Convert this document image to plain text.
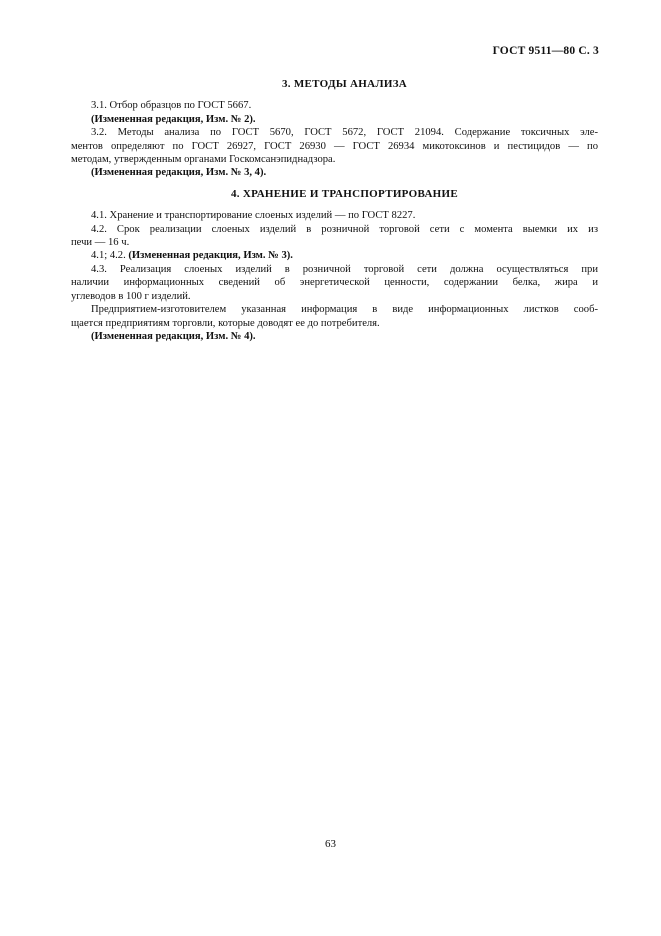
ГОСТ 9511—80 С. 3
3. МЕТОДЫ АНАЛИЗА

3.1. Отбор образцов по ГОСТ 5667.

(Измененная редакция, Изм. № 2).

3.2. Методы анализа по ГОСТ 5670, ГОСТ 5672, ГОСТ 21094. Содержание токсичных эле-
ментов определяют по ГОСТ 26927, ГОСТ 26930 — ГОСТ 26934 микотоксинов и пестицидов — по
методам, утвержденным органами Госкомсанэпиднадзора.

(Измененная редакция, Изм. № 3, 4).

4. ХРАНЕНИЕ И ТРАНСПОРТИРОВАНИЕ

4.1. Хранение и транспортирование слоеных изделий — по ГОСТ 8227.

4.2. Срок реализации слоеных изделий в розничной торговой сети с момента выемки их из
печи — 16 ч.

4.1; 4.2. (Измененная редакция, Изм. № 3).

4.3. Реализация слоеных изделий в розничной торговой сети должна осуществляться при
наличии информационных сведений об энергетической ценности, содержании белка, жира и
углеводов в 100 г изделий.

Предприятием-изготовителем указанная информация в виде информационных листков сооб-
щается предприятиям торговли, которые доводят ее до потребителя.

(Измененная редакция, Изм. № 4).

63
